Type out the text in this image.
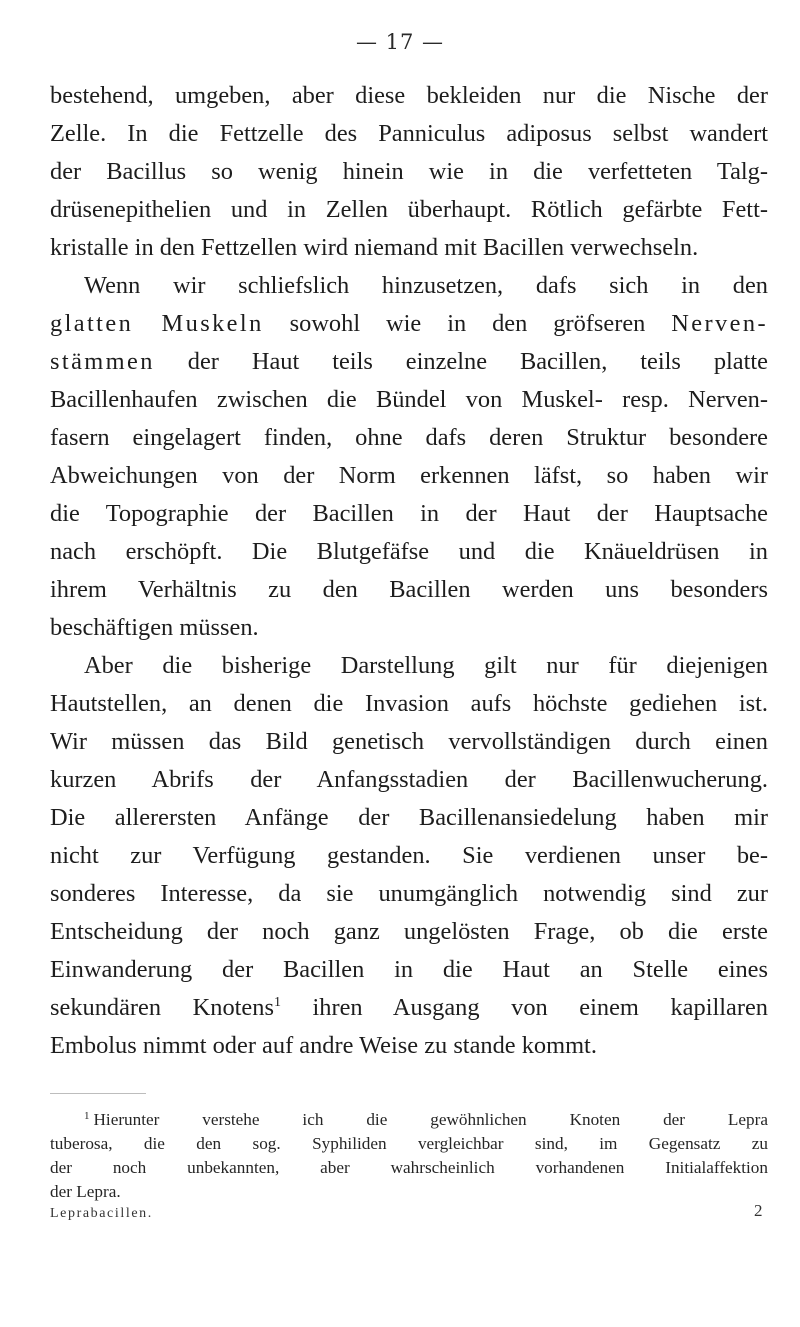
— 17 —

bestehend, umgeben, aber diese bekleiden nur die Nische der
Zelle. In die Fettzelle des Panniculus adiposus selbst wandert
der Bacillus so wenig hinein wie in die verfetteten Talg-
drüsenepithelien und in Zellen überhaupt. Rötlich gefärbte Fett-
kristalle in den Fettzellen wird niemand mit Bacillen verwechseln.

Wenn wir schliefslich hinzusetzen, dafs sich in den
glatten Muskeln sowohl wie in den gröfseren Nerven-
stämmen der Haut teils einzelne Bacillen, teils platte
Bacillenhaufen zwischen die Bündel von Muskel- resp. Nerven-
fasern eingelagert finden, ohne dafs deren Struktur besondere
Abweichungen von der Norm erkennen läfst, so haben wir
die Topographie der Bacillen in der Haut der Hauptsache
nach erschöpft. Die Blutgefäfse und die Knäueldrüsen in
ihrem Verhältnis zu den Bacillen werden uns besonders
beschäftigen müssen.

Aber die bisherige Darstellung gilt nur für diejenigen
Hautstellen, an denen die Invasion aufs höchste gediehen ist.
Wir müssen das Bild genetisch vervollständigen durch einen
kurzen Abrifs der Anfangsstadien der Bacillenwucherung.
Die allerersten Anfänge der Bacillenansiedelung haben mir
nicht zur Verfügung gestanden. Sie verdienen unser be-
sonderes Interesse, da sie unumgänglich notwendig sind zur
Entscheidung der noch ganz ungelösten Frage, ob die erste
Einwanderung der Bacillen in die Haut an Stelle eines
sekundären Knotens$^1$ ihren Ausgang von einem kapillaren
Embolus nimmt oder auf andre Weise zu stande kommt.

$^1$ Hierunter verstehe ich die gewöhnlichen Knoten der Lepra
tuberosa, die den sog. Syphiliden vergleichbar sind, im Gegensatz zu
der noch unbekannten, aber wahrscheinlich vorhandenen Initialaffektion
der Lepra.
Leprabacillen.	2
